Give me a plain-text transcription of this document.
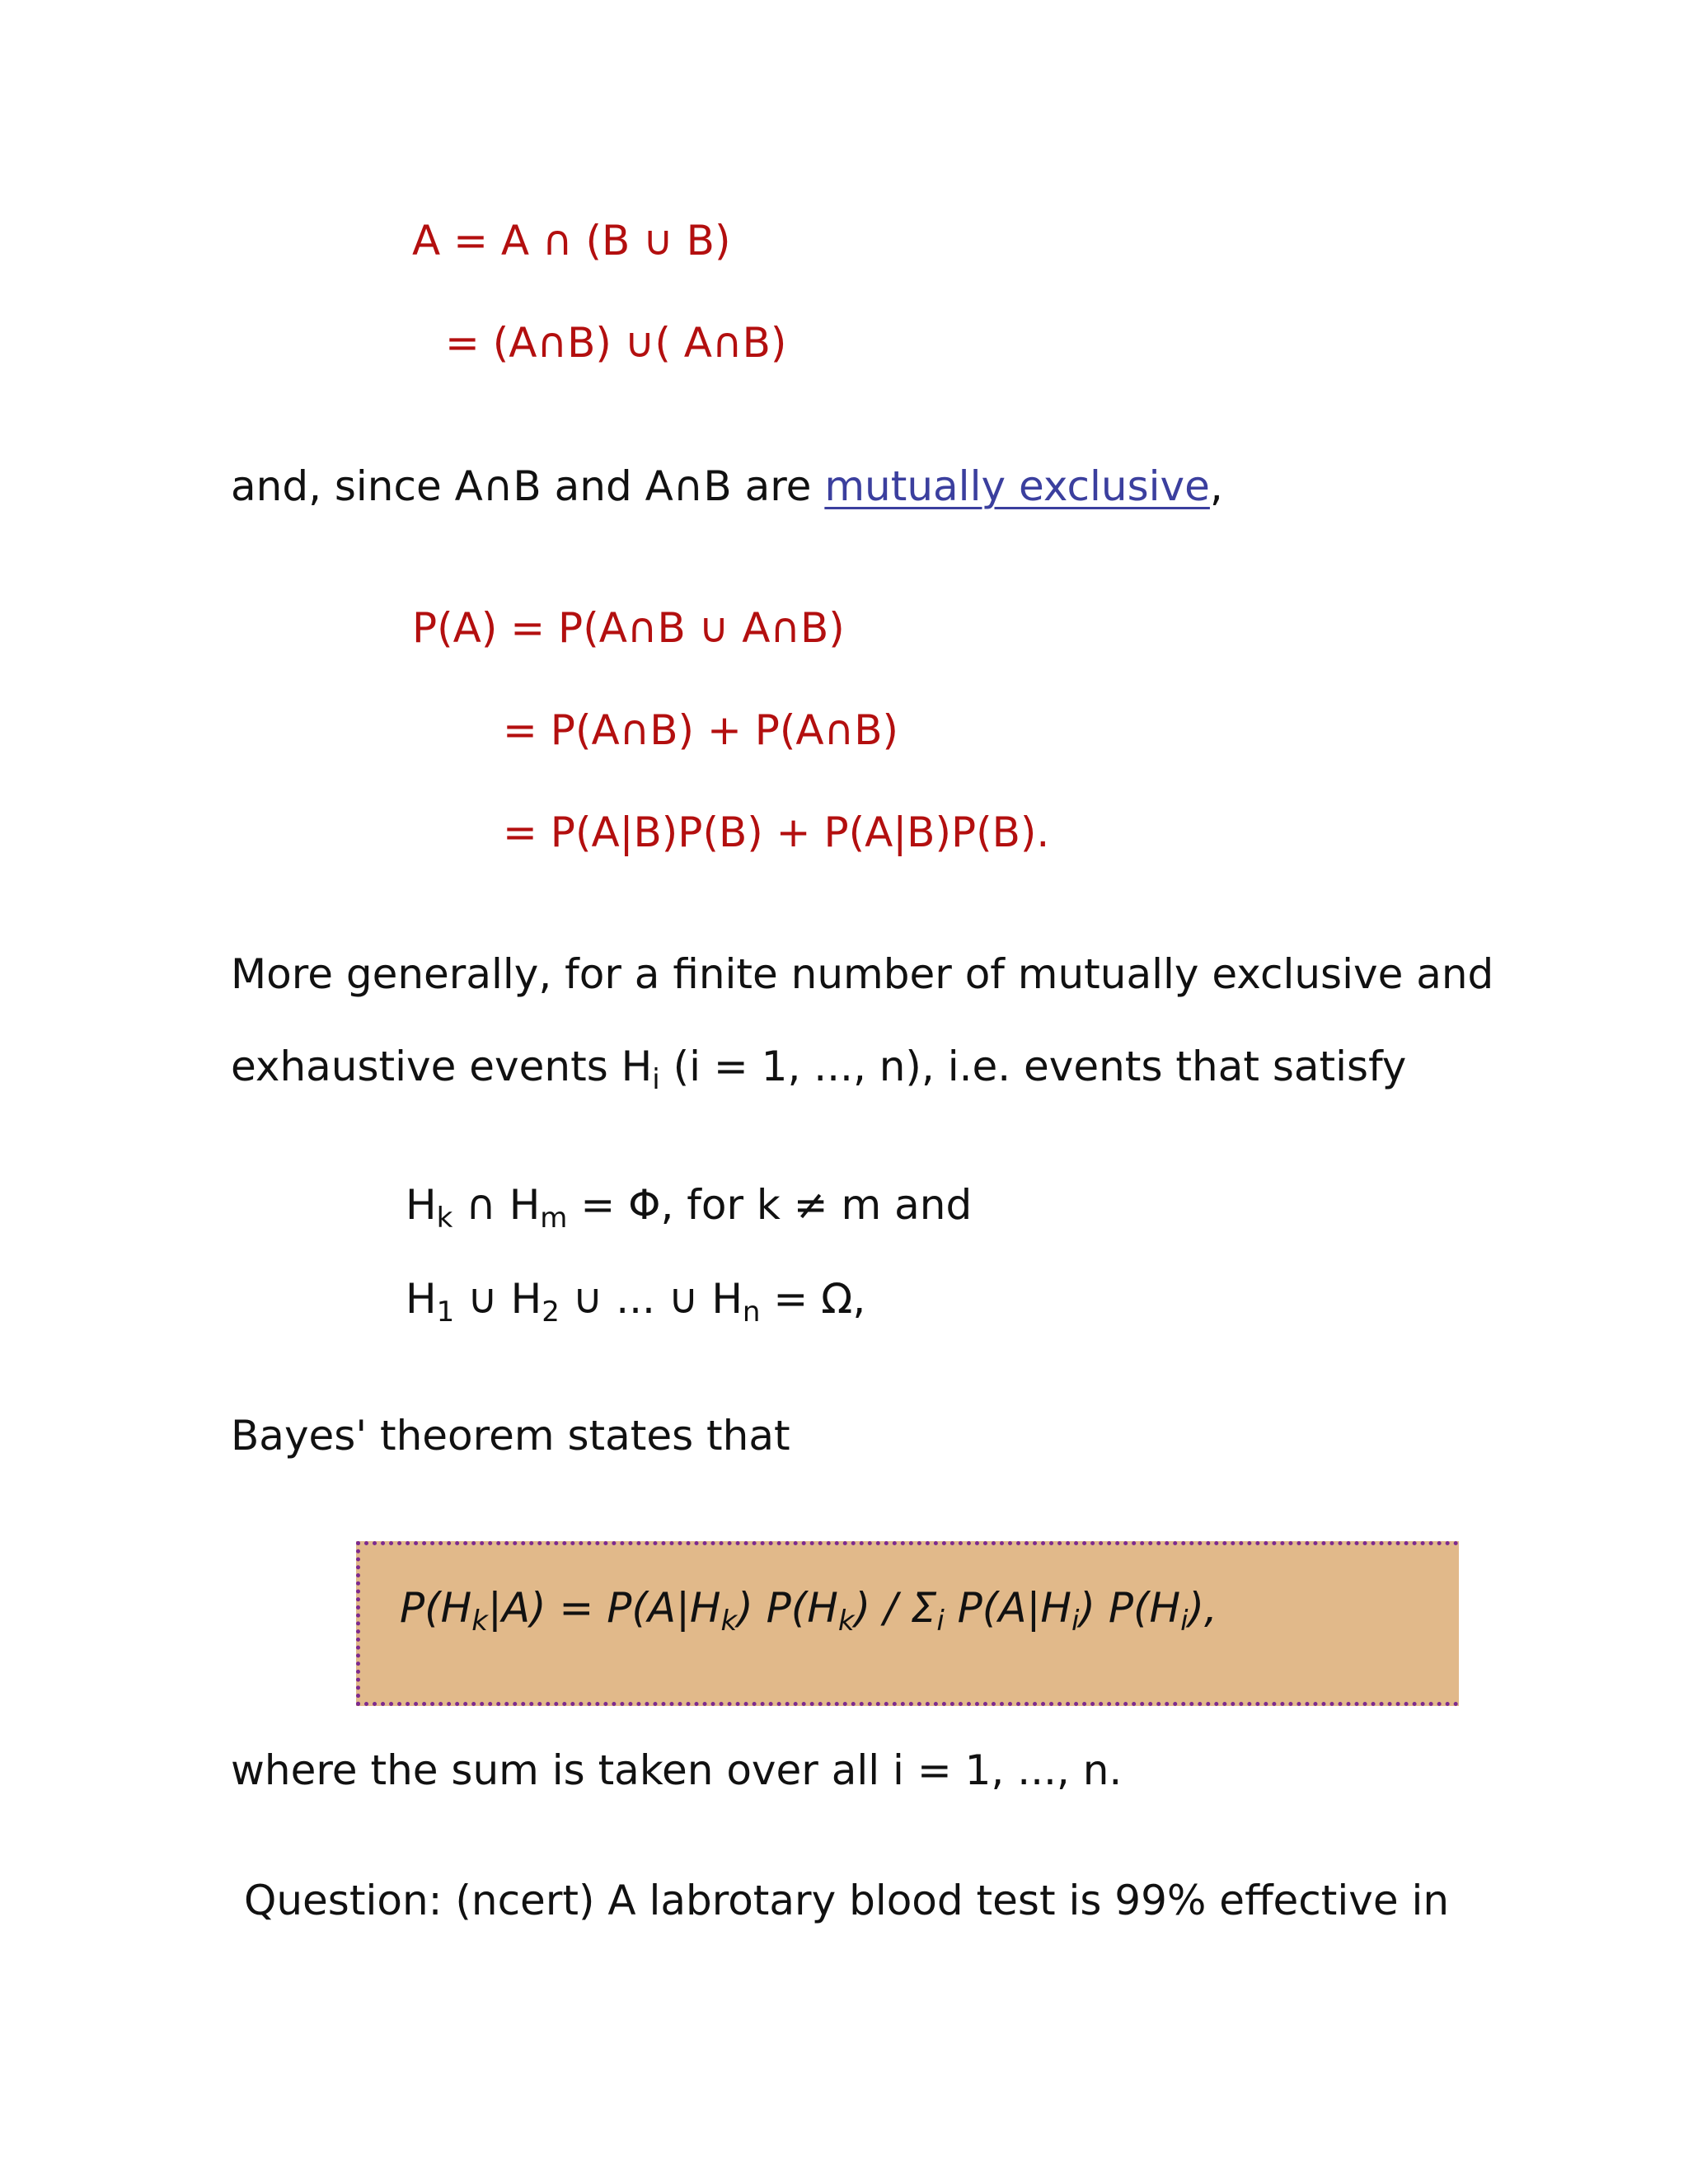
A = A ∩ (B ∪ B)
= (A∩B) ∪( A∩B)
and, since A∩B and A∩B are mutually exclusive,
P(A) = P(A∩B ∪ A∩B)
= P(A∩B) + P(A∩B)
= P(A|B)P(B) + P(A|B)P(B).
More generally, for a finite number of mutually exclusive and
exhaustive events $H_i$ (i = 1, ..., n), i.e. events that satisfy
$H_k$ ∩ $H_m = \Phi$, for k ≠ m and
$H_1$ ∪ $H_2$ ∪ ... ∪ $H_n = \Omega$,
Bayes' theorem states that
$P(H_k|A) = P(A|H_k)$ $P(H_k) / \Sigma_i$ $P(A|H_i)$ $P(H_i)$,
where the sum is taken over all i = 1, ..., n.
Question: (ncert) A labrotary blood test is 99% effective in
